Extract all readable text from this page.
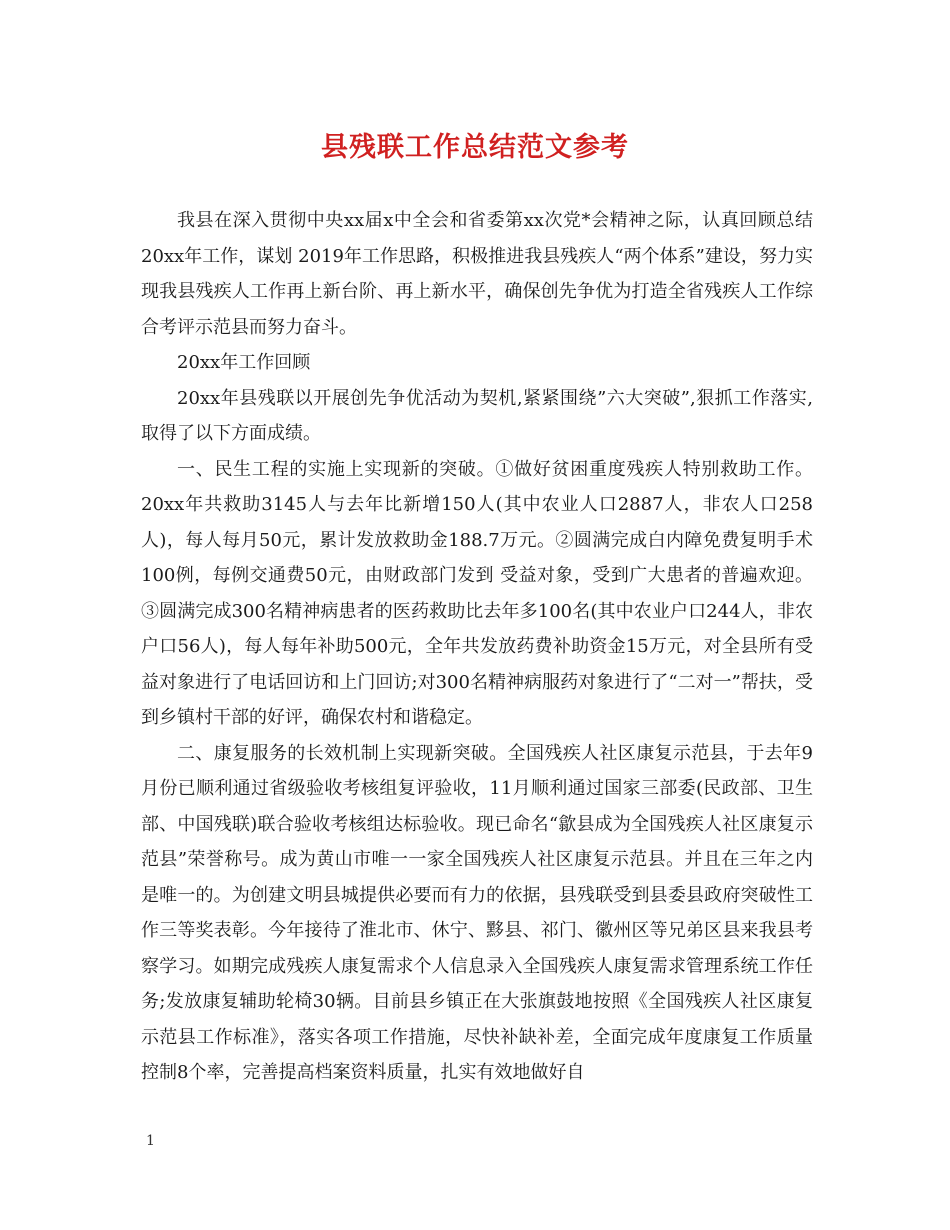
县残联工作总结范文参考

我县在深入贯彻中央xx届x中全会和省委第xx次党*会精神之际，认真回顾总结20xx年工作，谋划 2019年工作思路，积极推进我县残疾人“两个体系”建设，努力实现我县残疾人工作再上新台阶、再上新水平，确保创先争优为打造全省残疾人工作综合考评示范县而努力奋斗。

20xx年工作回顾

20xx年县残联以开展创先争优活动为契机,紧紧围绕”六大突破”,狠抓工作落实,取得了以下方面成绩。

一、民生工程的实施上实现新的突破。①做好贫困重度残疾人特别救助工作。20xx年共救助3145人与去年比新增150人(其中农业人口2887人，非农人口258人)，每人每月50元，累计发放救助金188.7万元。②圆满完成白内障免费复明手术100例，每例交通费50元，由财政部门发到 受益对象，受到广大患者的普遍欢迎。③圆满完成300名精神病患者的医药救助比去年多100名(其中农业户口244人，非农户口56人)，每人每年补助500元，全年共发放药费补助资金15万元，对全县所有受益对象进行了电话回访和上门回访;对300名精神病服药对象进行了“二对一”帮扶，受到乡镇村干部的好评，确保农村和谐稳定。

二、康复服务的长效机制上实现新突破。全国残疾人社区康复示范县，于去年9月份已顺利通过省级验收考核组复评验收，11月顺利通过国家三部委(民政部、卫生部、中国残联)联合验收考核组达标验收。现已命名“歙县成为全国残疾人社区康复示范县”荣誉称号。成为黄山市唯一一家全国残疾人社区康复示范县。并且在三年之内是唯一的。为创建文明县城提供必要而有力的依据，县残联受到县委县政府突破性工作三等奖表彰。今年接待了淮北市、休宁、黟县、祁门、徽州区等兄弟区县来我县考察学习。如期完成残疾人康复需求个人信息录入全国残疾人康复需求管理系统工作任务;发放康复辅助轮椅30辆。目前县乡镇正在大张旗鼓地按照《全国残疾人社区康复示范县工作标准》，落实各项工作措施，尽快补缺补差，全面完成年度康复工作质量控制8个率，完善提高档案资料质量，扎实有效地做好自

1
